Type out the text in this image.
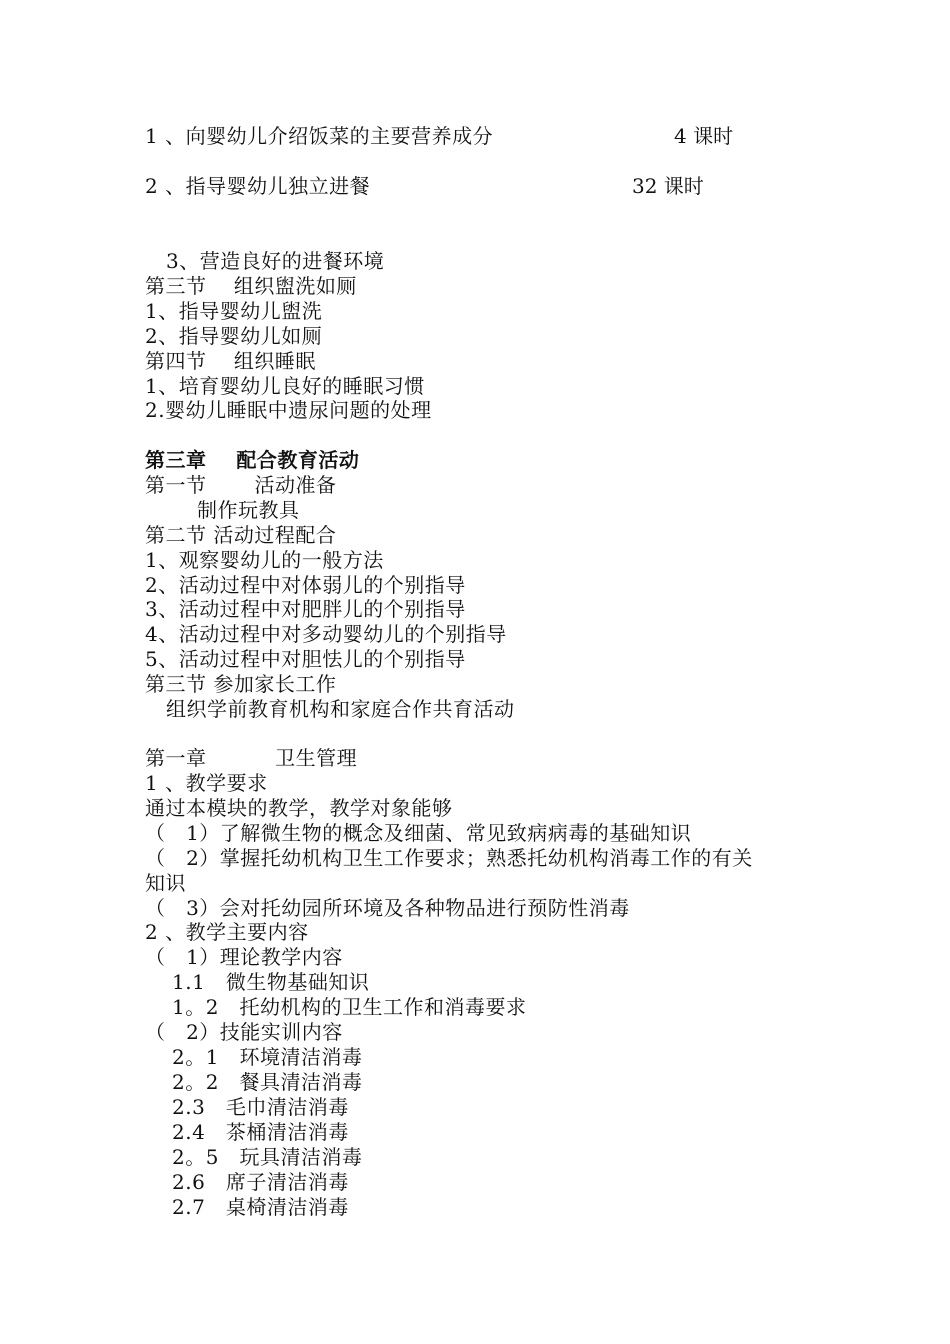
1 、向婴幼儿介绍饭菜的主要营养成分	4 课时
2 、指导婴幼儿独立进餐	32 课时
3、营造良好的进餐环境
第三节    组织盥洗如厕
1、指导婴幼儿盥洗
2、指导婴幼儿如厕
第四节    组织睡眠
1、培育婴幼儿良好的睡眠习惯
2.婴幼儿睡眠中遗尿问题的处理
第三章    配合教育活动
第一节       活动准备
制作玩教具
第二节 活动过程配合
1、观察婴幼儿的一般方法
2、活动过程中对体弱儿的个别指导
3、活动过程中对肥胖儿的个别指导
4、活动过程中对多动婴幼儿的个别指导
5、活动过程中对胆怯儿的个别指导
第三节 参加家长工作
组织学前教育机构和家庭合作共育活动
第一章          卫生管理
1 、教学要求
通过本模块的教学，教学对象能够
（   1）了解微生物的概念及细菌、常见致病病毒的基础知识
（   2）掌握托幼机构卫生工作要求；熟悉托幼机构消毒工作的有关
知识
（   3）会对托幼园所环境及各种物品进行预防性消毒
2 、教学主要内容
（   1）理论教学内容
1.1   微生物基础知识
1。2   托幼机构的卫生工作和消毒要求
（   2）技能实训内容
2。1   环境清洁消毒
2。2   餐具清洁消毒
2.3   毛巾清洁消毒
2.4   茶桶清洁消毒
2。5   玩具清洁消毒
2.6   席子清洁消毒
2.7   桌椅清洁消毒
